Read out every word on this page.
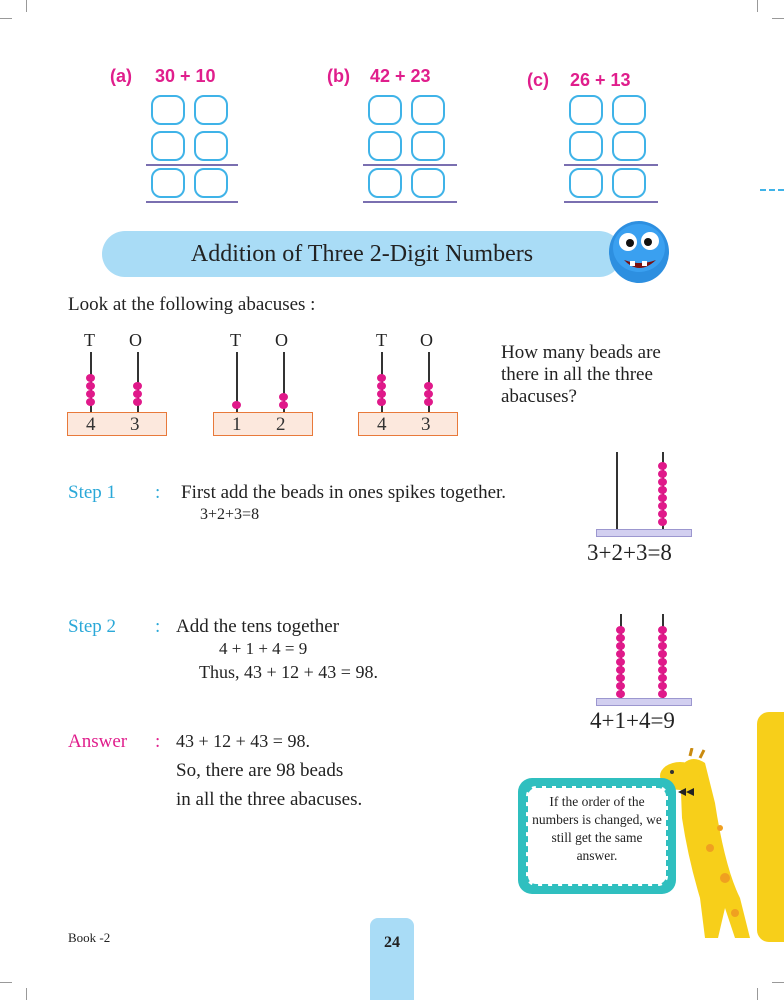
(a) 30 + 10	(b) 42 + 23	(c) 26 + 13
Addition of Three 2-Digit Numbers
Look at the following abacuses :
T O
4 3
T O
1 2
T O
4 3
How many beads are
there in all the three
abacuses?
Step 1 : First add the beads in ones spikes together.
3+2+3=8
3+2+3=8
Step 2 : Add the tens together
4 + 1 + 4 = 9
Thus, 43 + 12 + 43 = 98.
4+1+4=9
Answer : 43 + 12 + 43 = 98.
So, there are 98 beads
in all the three abacuses.	If the order of the numbers is changed, we still get the same answer.
Book -2	24
